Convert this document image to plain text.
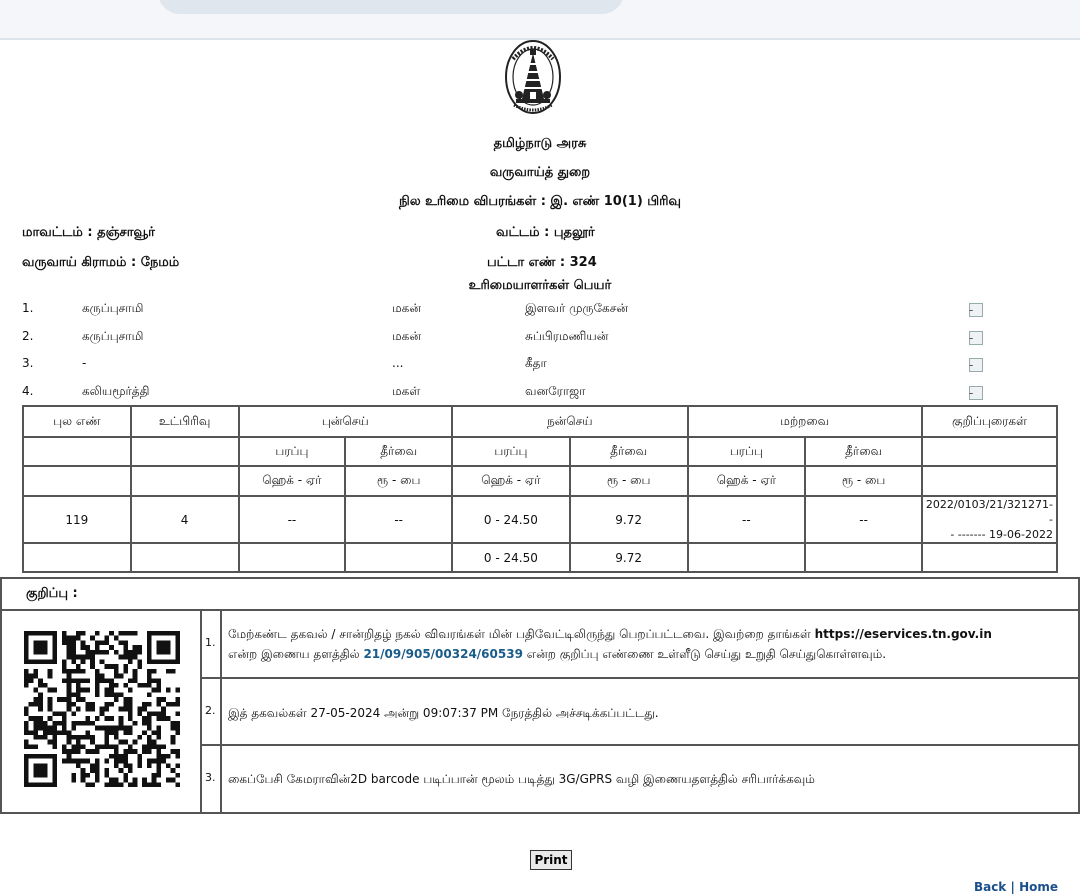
தமிழ்நாடு அரசு
வருவாய்த் துறை
நில உரிமை விபரங்கள் : இ. எண் 10(1) பிரிவு
மாவட்டம் : தஞ்சாவூர்	வட்டம் : புதலூர்
வருவாய் கிராமம் : நேமம்	பட்டா எண் : 324
உரிமையாளர்கள் பெயர்
1.	கருப்புசாமி	மகன்	இளவர் முருகேசன்	-
2.	கருப்புசாமி	மகன்	சுப்பிரமணியன்	-
3.	-	...	கீதா	-
4.	கலியமூர்த்தி	மகள்	வனரோஜா	-
புல எண்	உட்பிரிவு	புன்செய்		நன்செய்		மற்றவை		குறிப்புரைகள்
		பரப்பு	தீர்வை	பரப்பு	தீர்வை	பரப்பு	தீர்வை	
		ஹெக் - ஏர்	ரூ - பை	ஹெக் - ஏர்	ரூ - பை	ஹெக் - ஏர்	ரூ - பை	
119	4	--	--	0 - 24.50	9.72	--	--	2022/0103/21/321271--
- ------- 19-06-2022

				0 - 24.50	9.72			
குறிப்பு :
1.
மேற்கண்ட தகவல் / சான்றிதழ் நகல் விவரங்கள் மின் பதிவேட்டிலிருந்து பெறப்பட்டவை. இவற்றை தாங்கள் https://eservices.tn.gov.in
என்ற இணைய தளத்தில் 21/09/905/00324/60539 என்ற குறிப்பு எண்ணை உள்ளீடு செய்து உறுதி செய்துகொள்ளவும்.
2. இத் தகவல்கள் 27-05-2024 அன்று 09:07:37 PM நேரத்தில் அச்சடிக்கப்பட்டது.
3. கைப்பேசி கேமராவின்2D barcode படிப்பான் மூலம் படித்து 3G/GPRS வழி இணையதளத்தில் சரிபார்க்கவும்
Print
Back | Home
